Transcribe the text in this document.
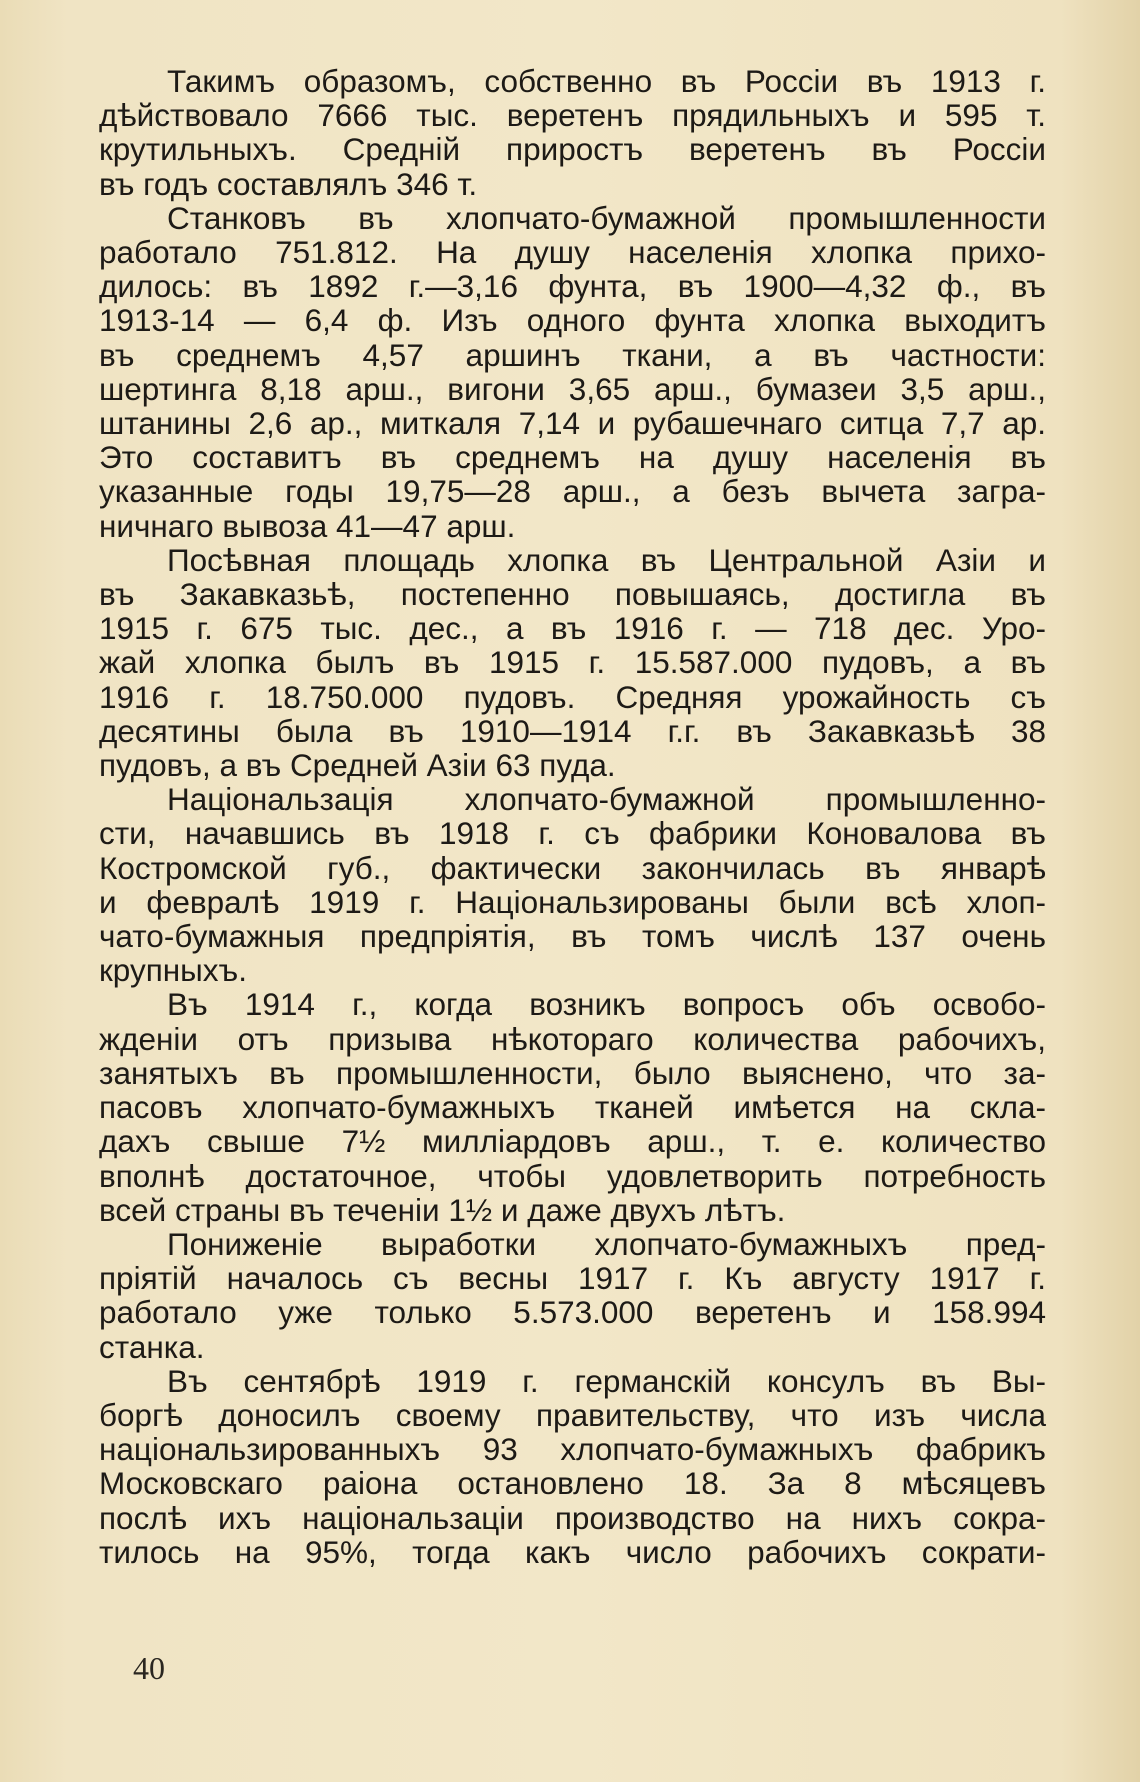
Такимъ образомъ, собственно въ Россіи въ 1913 г.
дѣйствовало 7666 тыс. веретенъ прядильныхъ и 595 т.
крутильныхъ. Средній приростъ веретенъ въ Россіи
въ годъ составлялъ 346 т.

Станковъ въ хлопчато-бумажной промышленности
работало 751.812. На душу населенія хлопка прихо-
дилось: въ 1892 г.—3,16 фунта, въ 1900—4,32 ф., въ
1913-14 — 6,4 ф. Изъ одного фунта хлопка выходитъ
въ среднемъ 4,57 аршинъ ткани, а въ частности:
шертинга 8,18 арш., вигони 3,65 арш., бумазеи 3,5 арш.,
штанины 2,6 ар., миткаля 7,14 и рубашечнаго ситца 7,7 ар.
Это составитъ въ среднемъ на душу населенія въ
указанные годы 19,75—28 арш., а безъ вычета загра-
ничнаго вывоза 41—47 арш.

Посѣвная площадь хлопка въ Центральной Азіи и
въ Закавказьѣ, постепенно повышаясь, достигла въ
1915 г. 675 тыс. дес., а въ 1916 г. — 718 дес. Уро-
жай хлопка былъ въ 1915 г. 15.587.000 пудовъ, а въ
1916 г. 18.750.000 пудовъ. Средняя урожайность съ
десятины была въ 1910—1914 г.г. въ Закавказьѣ 38
пудовъ, а въ Средней Азіи 63 пуда.

Національзація хлопчато-бумажной промышленно-
сти, начавшись въ 1918 г. съ фабрики Коновалова въ
Костромской губ., фактически закончилась въ январѣ
и февралѣ 1919 г. Національзированы были всѣ хлоп-
чато-бумажныя предпріятія, въ томъ числѣ 137 очень
крупныхъ.

Въ 1914 г., когда возникъ вопросъ объ освобо-
жденіи отъ призыва нѣкотораго количества рабочихъ,
занятыхъ въ промышленности, было выяснено, что за-
пасовъ хлопчато-бумажныхъ тканей имѣется на скла-
дахъ свыше 7½ милліардовъ арш., т. е. количество
вполнѣ достаточное, чтобы удовлетворить потребность
всей страны въ теченіи 1½ и даже двухъ лѣтъ.

Пониженіе выработки хлопчато-бумажныхъ пред-
пріятій началось съ весны 1917 г. Къ августу 1917 г.
работало уже только 5.573.000 веретенъ и 158.994
станка.

Въ сентябрѣ 1919 г. германскій консулъ въ Вы-
боргѣ доносилъ своему правительству, что изъ числа
національзированныхъ 93 хлопчато-бумажныхъ фабрикъ
Московскаго раіона остановлено 18. За 8 мѣсяцевъ
послѣ ихъ національзаціи производство на нихъ сокра-
тилось на 95%, тогда какъ число рабочихъ сократи-

40
